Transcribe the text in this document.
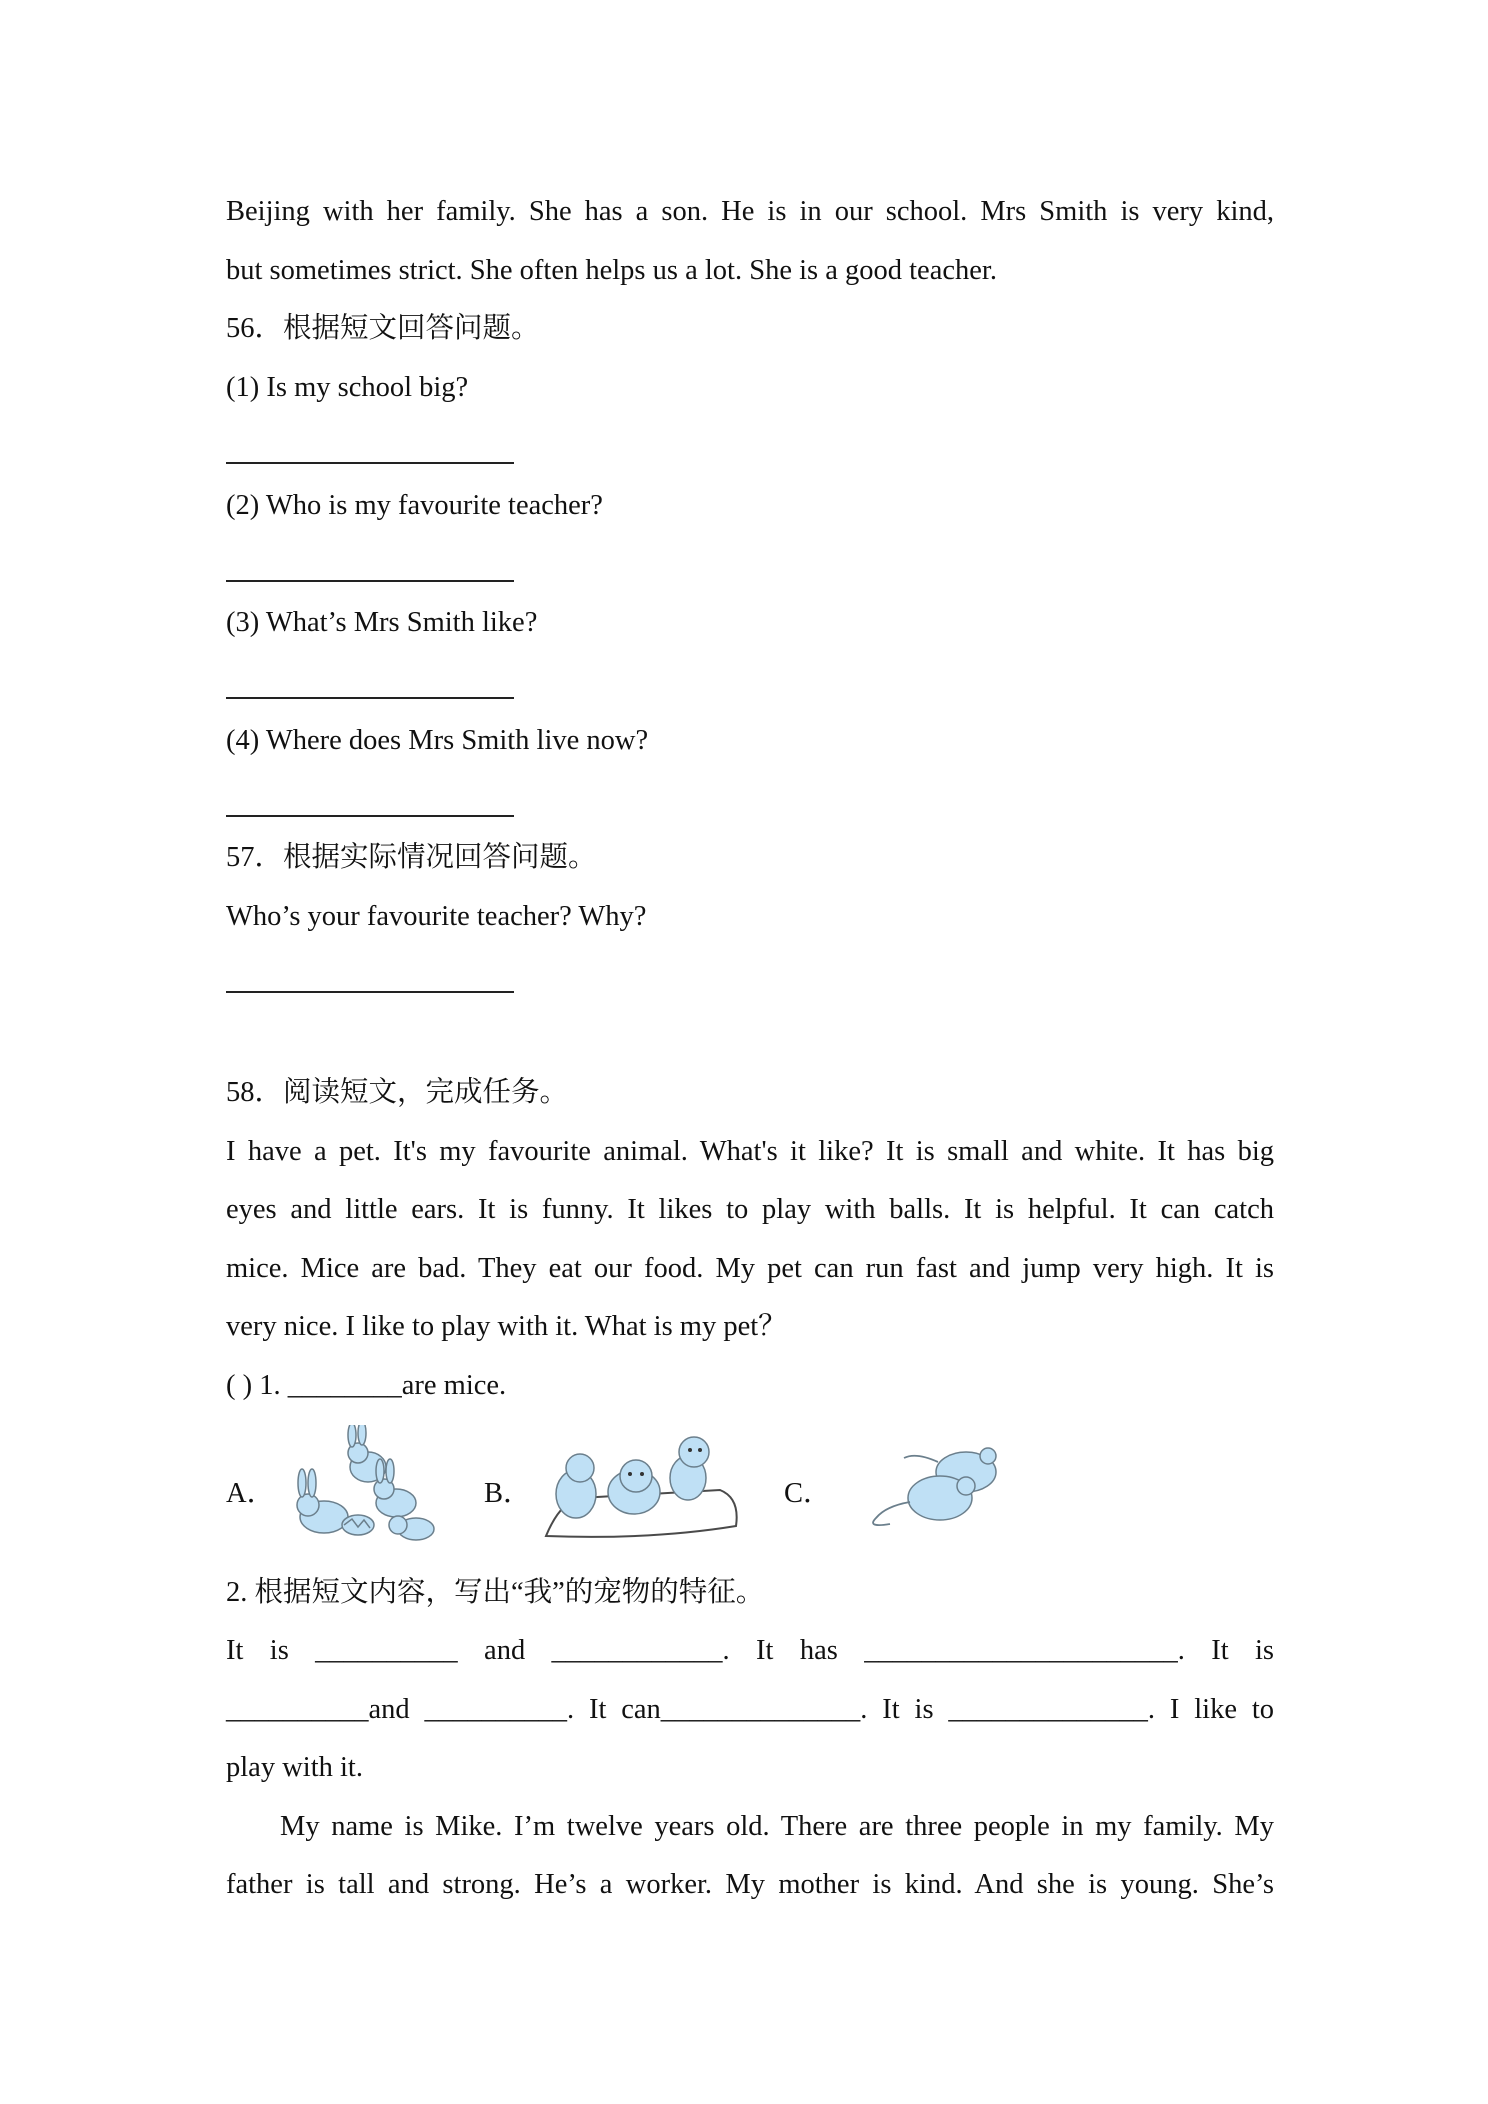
Beijing with her family. She has a son. He is in our school. Mrs Smith is very kind,
but sometimes strict. She often helps us a lot. She is a good teacher.
56．根据短文回答问题。
(1) Is my school big?
(2) Who is my favourite teacher?
(3) What’s Mrs Smith like?
(4) Where does Mrs Smith live now?
57．根据实际情况回答问题。
Who’s your favourite teacher? Why?
58．阅读短文，完成任务。
I have a pet. It's my favourite animal. What's it like? It is small and white. It has big
eyes and little ears. It is funny. It likes to play with balls. It is helpful. It can catch
mice. Mice are bad. They eat our food. My pet can run fast and jump very high. It is
very nice. I like to play with it. What is my pet？
( ) 1. ________are mice.
A．	B．	C．
2. 根据短文内容，写出“我”的宠物的特征。
It is __________ and ____________. It has ______________________. It is
__________and __________. It can______________. It is ______________. I like to
play with it.
My name is Mike. I’m twelve years old. There are three people in my family. My
father is tall and strong. He’s a worker. My mother is kind. And she is young. She’s
